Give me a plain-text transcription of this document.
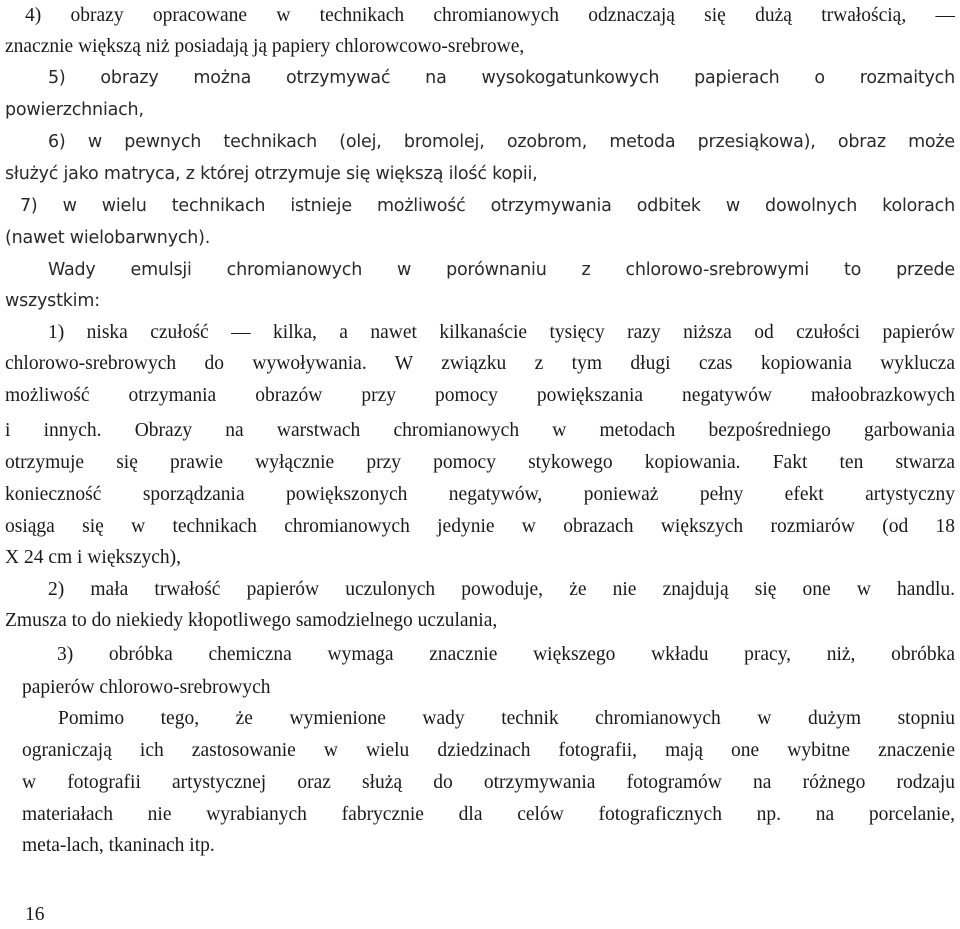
4) obrazy opracowane w technikach chromianowych odznaczają się dużą trwałością, —
znacznie większą niż posiadają ją papiery chlorowcowo-srebrowe,
5) obrazy można otrzymywać na wysokogatunkowych papierach o rozmaitych
powierzchniach,
6) w pewnych technikach (olej, bromolej, ozobrom, metoda przesiąkowa), obraz może
służyć jako matryca, z której otrzymuje się większą ilość kopii,
7) w wielu technikach istnieje możliwość otrzymywania odbitek w dowolnych kolorach
(nawet wielobarwnych).
Wady emulsji chromianowych w porównaniu z chlorowo-srebrowymi to przede
wszystkim:
1) niska czułość — kilka, a nawet kilkanaście tysięcy razy niższa od czułości papierów
chlorowo-srebrowych do wywoływania. W związku z tym długi czas kopiowania wyklucza
możliwość otrzymania obrazów przy pomocy powiększania negatywów małoobrazkowych
i innych. Obrazy na warstwach chromianowych w metodach bezpośredniego garbowania
otrzymuje się prawie wyłącznie przy pomocy stykowego kopiowania. Fakt ten stwarza
konieczność sporządzania powiększonych negatywów, ponieważ pełny efekt artystyczny
osiąga się w technikach chromianowych jedynie w obrazach większych rozmiarów (od 18
X 24 cm i większych),
2) mała trwałość papierów uczulonych powoduje, że nie znajdują się one w handlu.
Zmusza to do niekiedy kłopotliwego samodzielnego uczulania,
3) obróbka chemiczna wymaga znacznie większego wkładu pracy, niż, obróbka
papierów chlorowo-srebrowych
Pomimo tego, że wymienione wady technik chromianowych w dużym stopniu
ograniczają ich zastosowanie w wielu dziedzinach fotografii, mają one wybitne znaczenie
w fotografii artystycznej oraz służą do otrzymywania fotogramów na różnego rodzaju
materiałach nie wyrabianych fabrycznie dla celów fotograficznych np. na porcelanie,
meta-lach, tkaninach itp.
16
